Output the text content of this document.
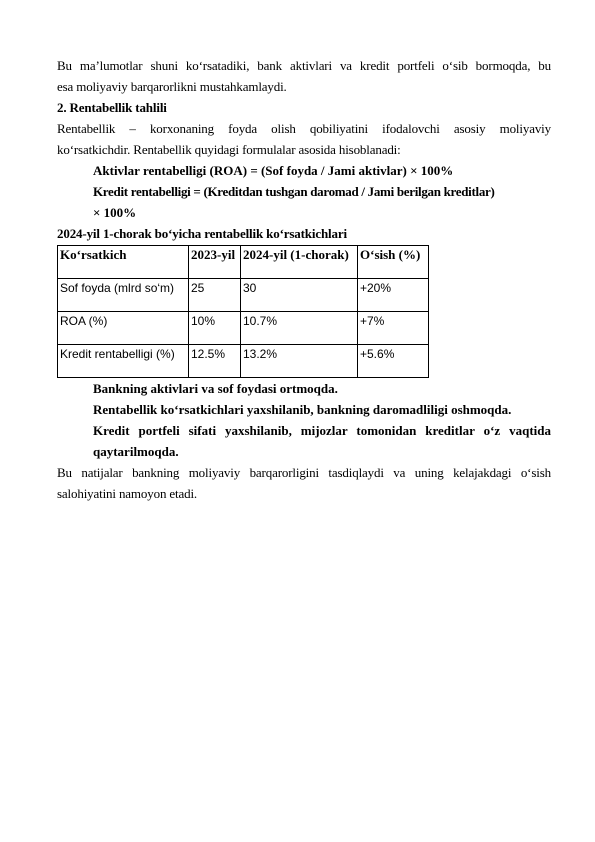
Bu ma’lumotlar shuni ko‘rsatadiki, bank aktivlari va kredit portfeli o‘sib bormoqda, bu

esa moliyaviy barqarorlikni mustahkamlaydi.

2. Rentabellik tahlili

Rentabellik – korxonaning foyda olish qobiliyatini ifodalovchi asosiy moliyaviy

ko‘rsatkichdir. Rentabellik quyidagi formulalar asosida hisoblanadi:

Aktivlar rentabelligi (ROA) = (Sof foyda / Jami aktivlar) × 100%

Kredit rentabelligi = (Kreditdan tushgan daromad / Jami berilgan kreditlar)

× 100%

2024-yil 1-chorak bo‘yicha rentabellik ko‘rsatkichlari

Ko‘rsatkich	2023-yil	2024-yil (1-chorak)	O‘sish (%)
Sof foyda (mlrd so‘m)	25	30	+20%
ROA (%)	10%	10.7%	+7%
Kredit rentabelligi (%)	12.5%	13.2%	+5.6%

Bankning aktivlari va sof foydasi ortmoqda.

Rentabellik ko‘rsatkichlari yaxshilanib, bankning daromadliligi oshmoqda.

Kredit portfeli sifati yaxshilanib, mijozlar tomonidan kreditlar o‘z vaqtida

qaytarilmoqda.

Bu natijalar bankning moliyaviy barqarorligini tasdiqlaydi va uning kelajakdagi o‘sish

salohiyatini namoyon etadi.
